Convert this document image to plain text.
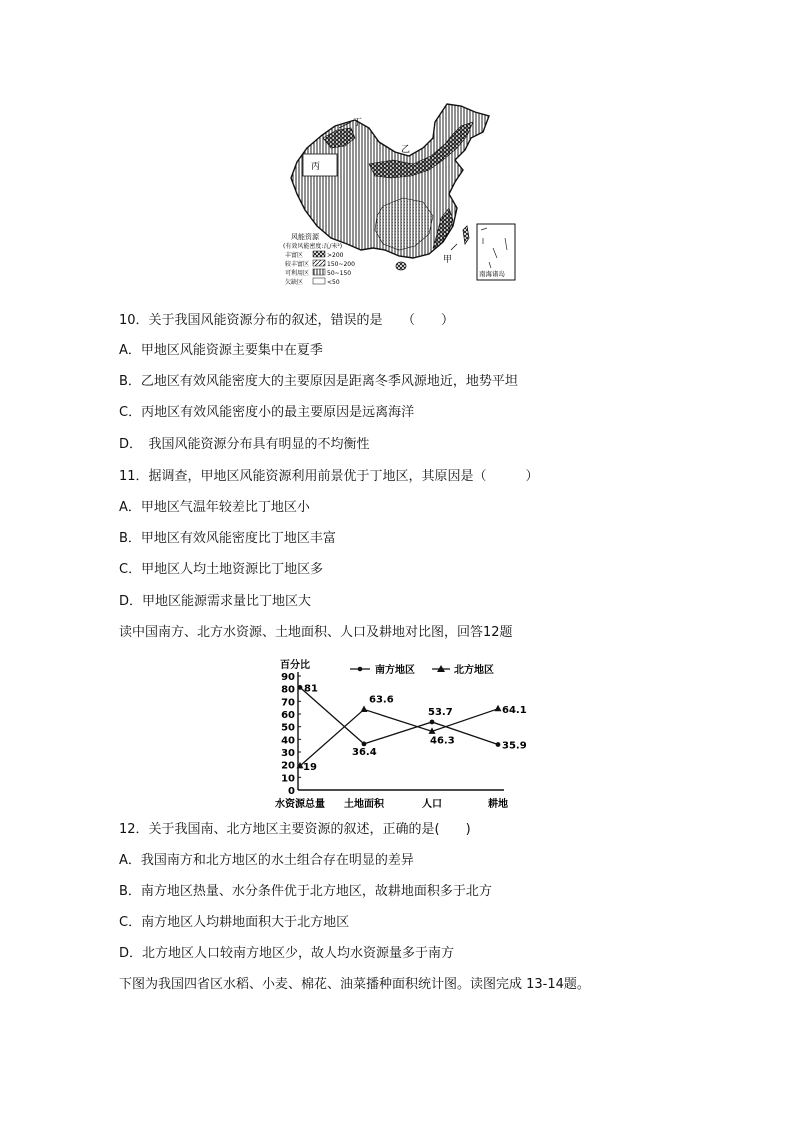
丁
乙
丙
甲
风能资源
(有效风能密度:瓦/米²)
丰富区	>200
较丰富区	150~200
可利用区	50~150
欠缺区	<50
南海诸岛
10．关于我国风能资源分布的叙述，错误的是　　（　　）
A．甲地区风能资源主要集中在夏季
B．乙地区有效风能密度大的主要原因是距离冬季风源地近，地势平坦
C．丙地区有效风能密度小的最主要原因是远离海洋
D．　我国风能资源分布具有明显的不均衡性
11．据调查，甲地区风能资源利用前景优于丁地区，其原因是（　　　）
A．甲地区气温年较差比丁地区小
B．甲地区有效风能密度比丁地区丰富
C．甲地区人均土地资源比丁地区多
D．甲地区能源需求量比丁地区大
读中国南方、北方水资源、土地面积、人口及耕地对比图，回答12题
百分比	南方地区	北方地区
0
10
20
30
40
50
60
70
80
90
水资源总量 土地面积	人口	耕地
81
36.4
53.7
35.9
19
63.6
46.3
64.1
12．关于我国南、北方地区主要资源的叙述，正确的是(　　)
A．我国南方和北方地区的水土组合存在明显的差异
B．南方地区热量、水分条件优于北方地区，故耕地面积多于北方
C．南方地区人均耕地面积大于北方地区
D．北方地区人口较南方地区少，故人均水资源量多于南方
下图为我国四省区水稻、小麦、棉花、油菜播种面积统计图。读图完成 13-14题。
